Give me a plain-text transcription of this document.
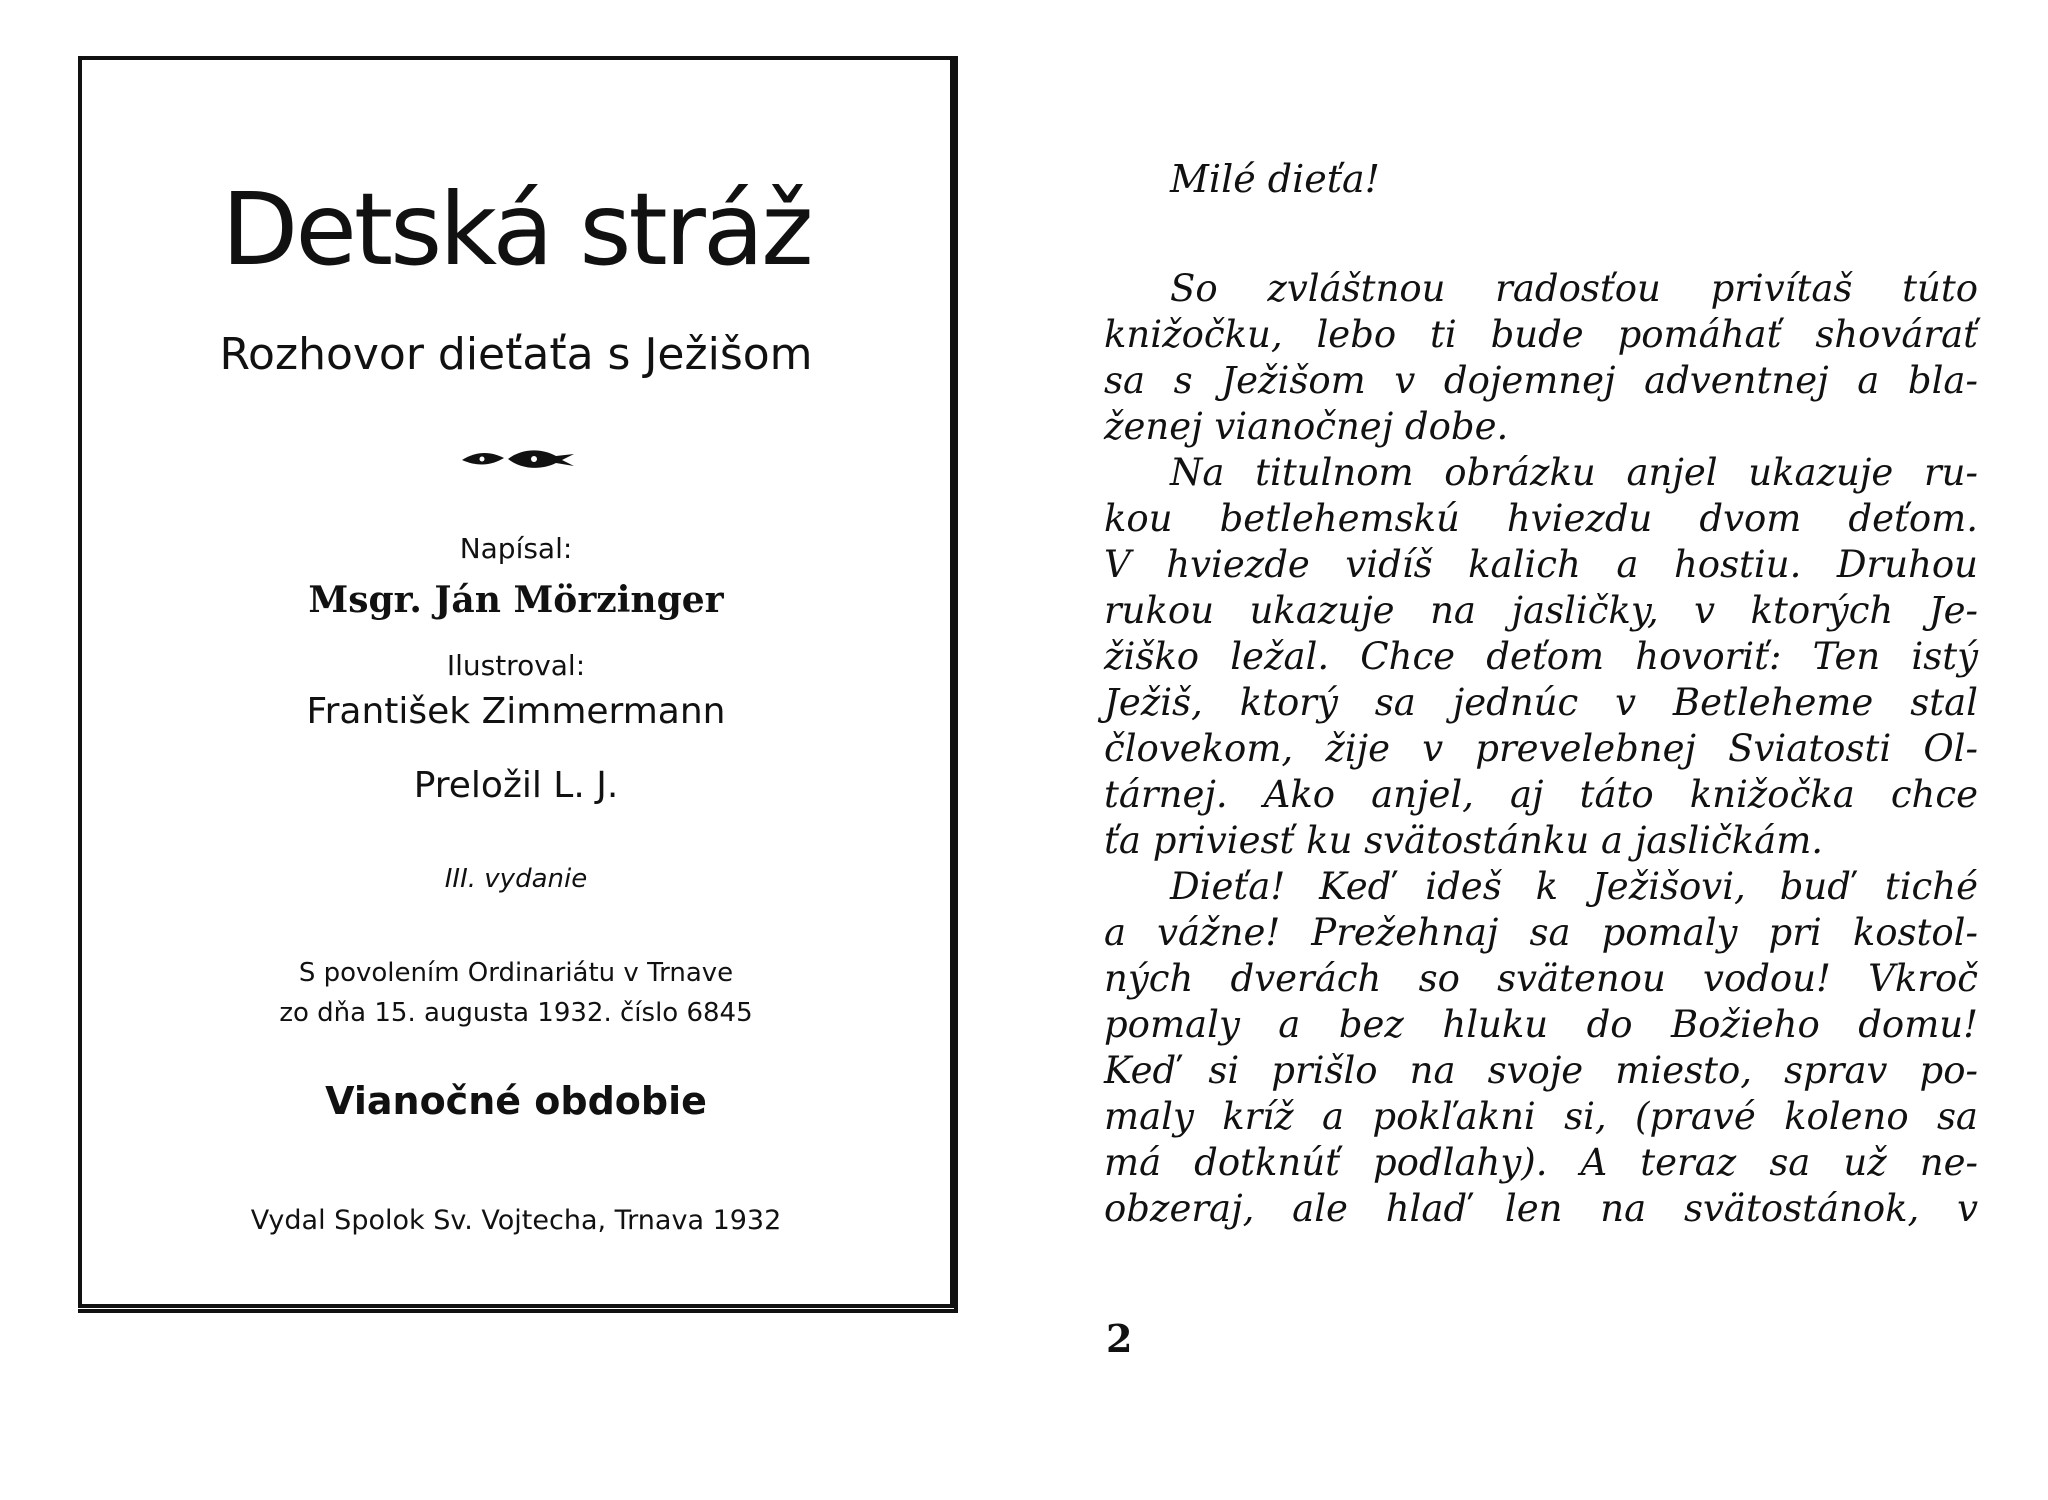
Detská stráž
Rozhovor dieťaťa s Ježišom
Napísal:
Msgr. Ján Mörzinger
Ilustroval:
František Zimmermann
Preložil L. J.
III. vydanie
S povolením Ordinariátu v Trnave
zo dňa 15. augusta 1932. číslo 6845
Vianočné obdobie
Vydal Spolok Sv. Vojtecha, Trnava 1932
Milé dieťa!
So zvláštnou radosťou privítaš túto
knižočku, lebo ti bude pomáhať shovárať
sa s Ježišom v dojemnej adventnej a bla-
ženej vianočnej dobe.
Na titulnom obrázku anjel ukazuje ru-
kou betlehemskú hviezdu dvom deťom.
V hviezde vidíš kalich a hostiu. Druhou
rukou ukazuje na jasličky, v ktorých Je-
žiško ležal. Chce deťom hovoriť: Ten istý
Ježiš, ktorý sa jednúc v Betleheme stal
človekom, žije v prevelebnej Sviatosti Ol-
tárnej. Ako anjel, aj táto knižočka chce
ťa priviesť ku svätostánku a jasličkám.
Dieťa! Keď ideš k Ježišovi, buď tiché
a vážne! Prežehnaj sa pomaly pri kostol-
ných dverách so svätenou vodou! Vkroč
pomaly a bez hluku do Božieho domu!
Keď si prišlo na svoje miesto, sprav po-
maly kríž a pokľakni si, (pravé koleno sa
má dotknúť podlahy). A teraz sa už ne-
obzeraj, ale hlaď len na svätostánok, v
2
